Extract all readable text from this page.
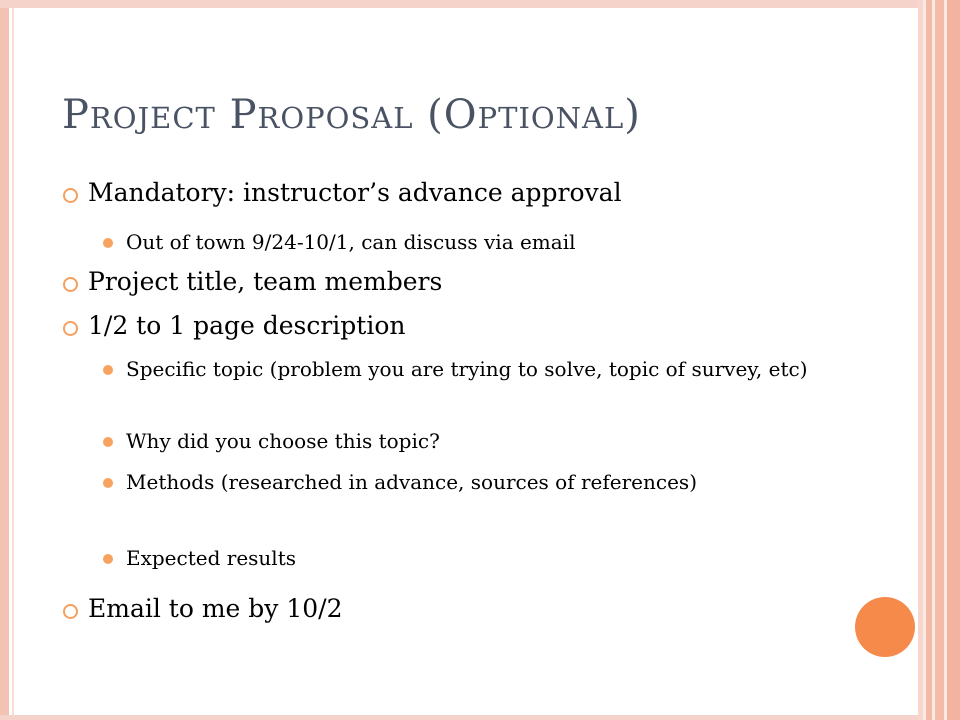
PROJECT PROPOSAL (OPTIONAL)
Mandatory: instructor’s advance approval
Out of town 9/24-10/1, can discuss via email
Project title, team members
1/2 to 1 page description
Specific topic (problem you are trying to solve, topic of survey, etc)
Why did you choose this topic?
Methods (researched in advance, sources of references)
Expected results
Email to me by 10/2
